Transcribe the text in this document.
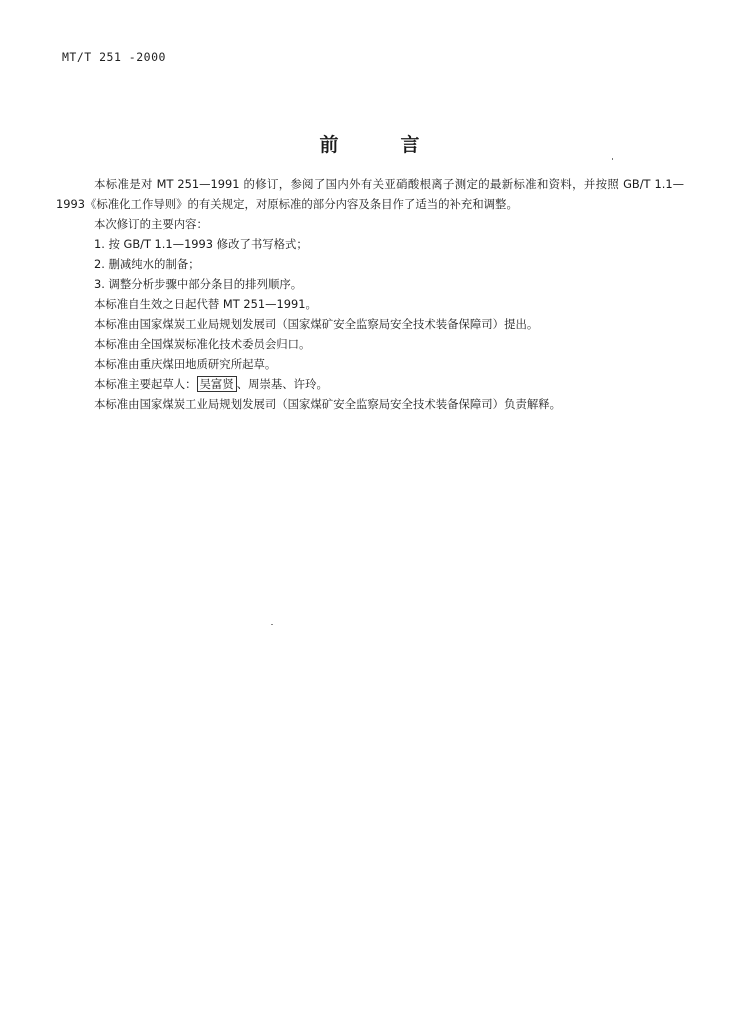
MT/T 251 -2000
前言

本标准是对 MT 251—1991 的修订，参阅了国内外有关亚硝酸根离子测定的最新标准和资料，并按照 GB/T 1.1—1993《标准化工作导则》的有关规定，对原标准的部分内容及条目作了适当的补充和调整。

本次修订的主要内容：

1. 按 GB/T 1.1—1993 修改了书写格式；

2. 删减纯水的制备；

3. 调整分析步骤中部分条目的排列顺序。

本标准自生效之日起代替 MT 251—1991。

本标准由国家煤炭工业局规划发展司（国家煤矿安全监察局安全技术装备保障司）提出。

本标准由全国煤炭标准化技术委员会归口。

本标准由重庆煤田地质研究所起草。

本标准主要起草人： 吴富贤 、周崇基、许玲。

本标准由国家煤炭工业局规划发展司（国家煤矿安全监察局安全技术装备保障司）负责解释。
